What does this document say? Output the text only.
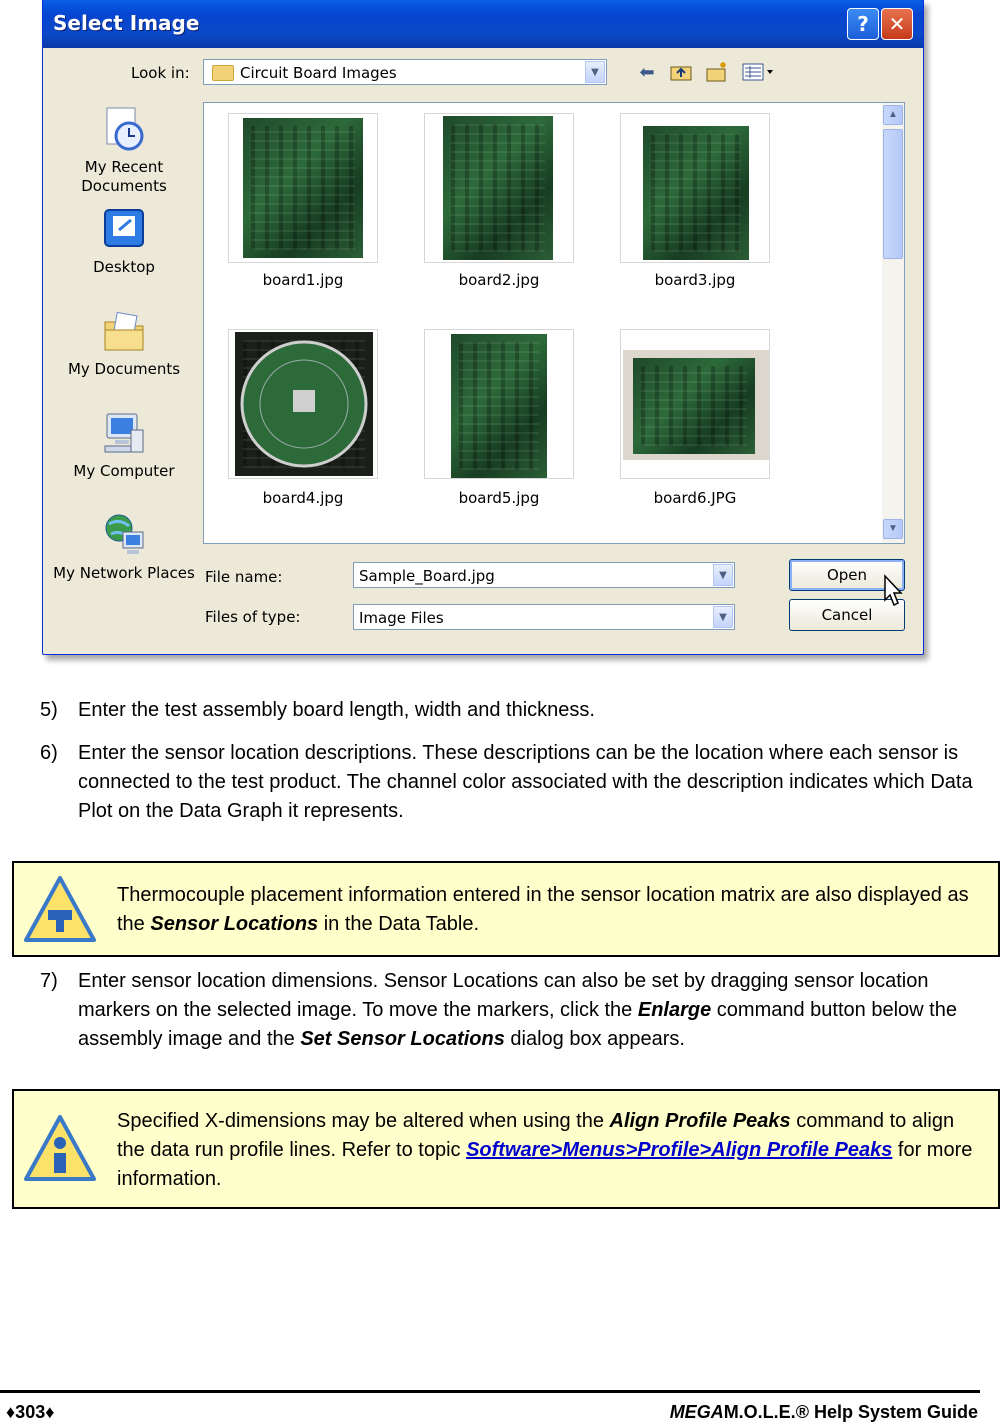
Select Image	? ✕
Look in:	Circuit Board Images	▼	⬅
My Recent Documents
Desktop
My Documents
My Computer
My Network Places
board1.jpg	board2.jpg	board3.jpg
board4.jpg	board5.jpg	board6.JPG
▲
▼
File name:	Sample_Board.jpg	▼
Files of type:	Image Files	▼
Open
Cancel
5) Enter the test assembly board length, width and thickness.
6) Enter the sensor location descriptions. These descriptions can be the location where each sensor is connected to the test product. The channel color associated with the description indicates which Data Plot on the Data Graph it represents.
Thermocouple placement information entered in the sensor location matrix are also displayed as the Sensor Locations in the Data Table.
7) Enter sensor location dimensions. Sensor Locations can also be set by dragging sensor location markers on the selected image. To move the markers, click the Enlarge command button below the assembly image and the Set Sensor Locations dialog box appears.
Specified X-dimensions may be altered when using the Align Profile Peaks command to align the data run profile lines. Refer to topic Software>Menus>Profile>Align Profile Peaks for more information.
♦303♦	MEGAM.O.L.E.® Help System Guide
